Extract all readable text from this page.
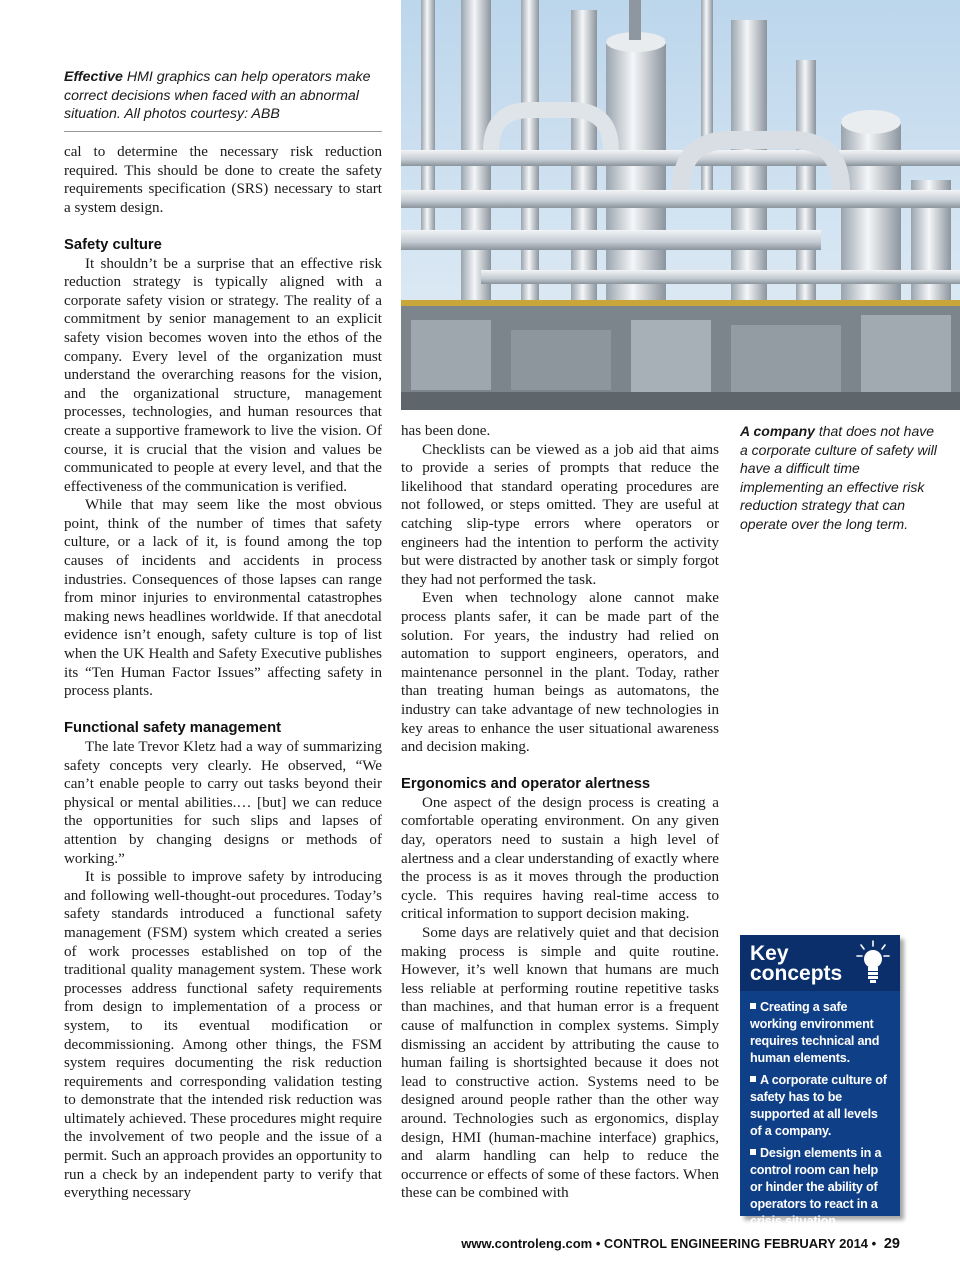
Effective HMI graphics can help operators make correct decisions when faced with an abnormal situation. All photos courtesy: ABB

cal to determine the necessary risk reduction required. This should be done to create the safety requirements specification (SRS) necessary to start a system design.

Safety culture

It shouldn’t be a surprise that an effective risk reduction strategy is typically aligned with a corporate safety vision or strategy. The reality of a commitment by senior management to an explicit safety vision becomes woven into the ethos of the company. Every level of the organization must understand the overarching reasons for the vision, and the organizational structure, management processes, technologies, and human resources that create a supportive framework to live the vision. Of course, it is crucial that the vision and values be communicated to people at every level, and that the effectiveness of the communication is verified.

While that may seem like the most obvious point, think of the number of times that safety culture, or a lack of it, is found among the top causes of incidents and accidents in process industries. Consequences of those lapses can range from minor injuries to environmental catastrophes making news headlines worldwide. If that anecdotal evidence isn’t enough, safety culture is top of list when the UK Health and Safety Executive publishes its “Ten Human Factor Issues” affecting safety in process plants.

Functional safety management

The late Trevor Kletz had a way of summarizing safety concepts very clearly. He observed, “We can’t enable people to carry out tasks beyond their physical or mental abilities.… [but] we can reduce the opportunities for such slips and lapses of attention by changing designs or methods of working.”

It is possible to improve safety by introducing and following well-thought-out procedures. Today’s safety standards introduced a functional safety management (FSM) system which created a series of work processes established on top of the traditional quality management system. These work processes address functional safety requirements from design to implementation of a process or system, to its eventual modification or decommissioning. Among other things, the FSM system requires documenting the risk reduction requirements and corresponding validation testing to demonstrate that the intended risk reduction was ultimately achieved. These procedures might require the involvement of two people and the issue of a permit. Such an approach provides an opportunity to run a check by an independent party to verify that everything necessary

has been done.

Checklists can be viewed as a job aid that aims to provide a series of prompts that reduce the likelihood that standard operating procedures are not followed, or steps omitted. They are useful at catching slip-type errors where operators or engineers had the intention to perform the activity but were distracted by another task or simply forgot they had not performed the task.

Even when technology alone cannot make process plants safer, it can be made part of the solution. For years, the industry had relied on automation to support engineers, operators, and maintenance personnel in the plant. Today, rather than treating human beings as automatons, the industry can take advantage of new technologies in key areas to enhance the user situational awareness and decision making.

Ergonomics and operator alertness

One aspect of the design process is creating a comfortable operating environment. On any given day, operators need to sustain a high level of alertness and a clear understanding of exactly where the process is as it moves through the production cycle. This requires having real-time access to critical information to support decision making.

Some days are relatively quiet and that decision making process is simple and quite routine. However, it’s well known that humans are much less reliable at performing routine repetitive tasks than machines, and that human error is a frequent cause of malfunction in complex systems. Simply dismissing an accident by attributing the cause to human failing is shortsighted because it does not lead to constructive action. Systems need to be designed around people rather than the other way around. Technologies such as ergonomics, display design, HMI (human-machine interface) graphics, and alarm handling can help to reduce the occurrence or effects of some of these factors. When these can be combined with

A company that does not have a corporate culture of safety will have a difficult time implementing an effective risk reduction strategy that can operate over the long term.
Key
concepts
Creating a safe working environment requires technical and human elements.
A corporate culture of safety has to be supported at all levels of a company.
Design elements in a control room can help or hinder the ability of operators to react in a crisis situation.
www.controleng.com • CONTROL ENGINEERING FEBRUARY 2014 • 29
